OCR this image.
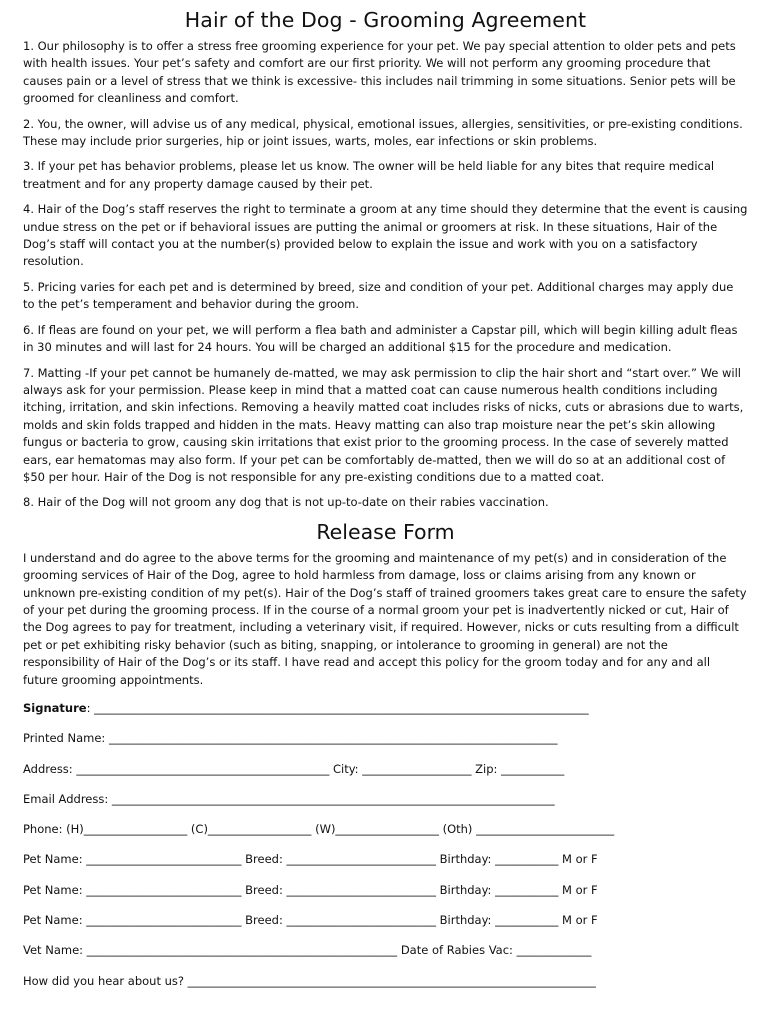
Hair of the Dog - Grooming Agreement

1. Our philosophy is to offer a stress free grooming experience for your pet. We pay special attention to older pets and pets with health issues. Your pet’s safety and comfort are our first priority. We will not perform any grooming procedure that causes pain or a level of stress that we think is excessive- this includes nail trimming in some situations. Senior pets will be groomed for cleanliness and comfort.

2. You, the owner, will advise us of any medical, physical, emotional issues, allergies, sensitivities, or pre-existing conditions. These may include prior surgeries, hip or joint issues, warts, moles, ear infections or skin problems.

3. If your pet has behavior problems, please let us know. The owner will be held liable for any bites that require medical treatment and for any property damage caused by their pet.

4. Hair of the Dog’s staff reserves the right to terminate a groom at any time should they determine that the event is causing undue stress on the pet or if behavioral issues are putting the animal or groomers at risk. In these situations, Hair of the Dog’s staff will contact you at the number(s) provided below to explain the issue and work with you on a satisfactory resolution.

5. Pricing varies for each pet and is determined by breed, size and condition of your pet. Additional charges may apply due to the pet’s temperament and behavior during the groom.

6. If fleas are found on your pet, we will perform a flea bath and administer a Capstar pill, which will begin killing adult fleas in 30 minutes and will last for 24 hours. You will be charged an additional $15 for the procedure and medication.

7. Matting -If your pet cannot be humanely de-matted, we may ask permission to clip the hair short and “start over.” We will always ask for your permission. Please keep in mind that a matted coat can cause numerous health conditions including itching, irritation, and skin infections. Removing a heavily matted coat includes risks of nicks, cuts or abrasions due to warts, molds and skin folds trapped and hidden in the mats. Heavy matting can also trap moisture near the pet’s skin allowing fungus or bacteria to grow, causing skin irritations that exist prior to the grooming process. In the case of severely matted ears, ear hematomas may also form. If your pet can be comfortably de-matted, then we will do so at an additional cost of $50 per hour. Hair of the Dog is not responsible for any pre-existing conditions due to a matted coat.

8. Hair of the Dog will not groom any dog that is not up-to-date on their rabies vaccination.

Release Form

I understand and do agree to the above terms for the grooming and maintenance of my pet(s) and in consideration of the grooming services of Hair of the Dog, agree to hold harmless from damage, loss or claims arising from any known or unknown pre-existing condition of my pet(s). Hair of the Dog’s staff of trained groomers takes great care to ensure the safety of your pet during the grooming process. If in the course of a normal groom your pet is inadvertently nicked or cut, Hair of the Dog agrees to pay for treatment, including a veterinary visit, if required. However, nicks or cuts resulting from a difficult pet or pet exhibiting risky behavior (such as biting, snapping, or intolerance to grooming in general) are not the responsibility of Hair of the Dog’s or its staff. I have read and accept this policy for the groom today and for any and all future grooming appointments.

Signature: ______________________________________________________________________________________
Printed Name: ______________________________________________________________________________
Address: ____________________________________________ City: ___________________ Zip: ___________
Email Address: _____________________________________________________________________________
Phone: (H)__________________ (C)__________________ (W)__________________ (Oth) ________________________
Pet Name: ___________________________ Breed: __________________________ Birthday: ___________ M or F
Pet Name: ___________________________ Breed: __________________________ Birthday: ___________ M or F
Pet Name: ___________________________ Breed: __________________________ Birthday: ___________ M or F
Vet Name: ______________________________________________________ Date of Rabies Vac: _____________
How did you hear about us? _______________________________________________________________________
